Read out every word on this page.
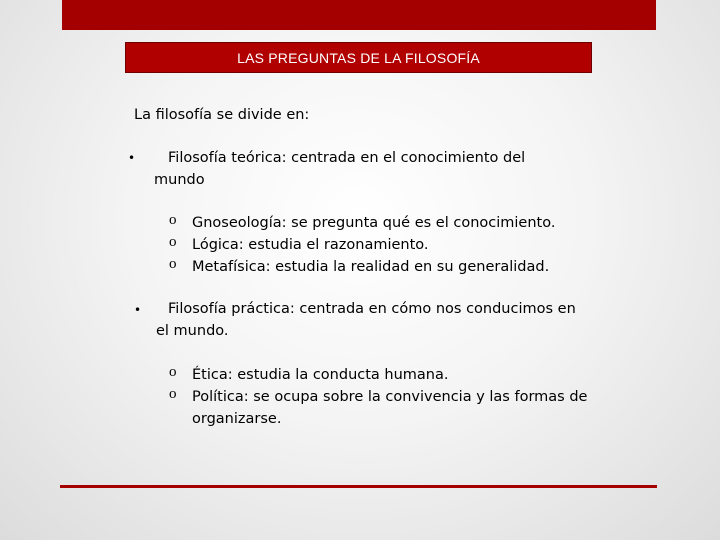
LAS PREGUNTAS DE LA FILOSOFÍA
La filosofía se divide en:
• Filosofía teórica: centrada en el conocimiento del
mundo
o Gnoseología: se pregunta qué es el conocimiento.
o Lógica: estudia el razonamiento.
o Metafísica: estudia la realidad en su generalidad.
• Filosofía práctica: centrada en cómo nos conducimos en
el mundo.
o Ética: estudia la conducta humana.
o Política: se ocupa sobre la convivencia y las formas de
organizarse.
